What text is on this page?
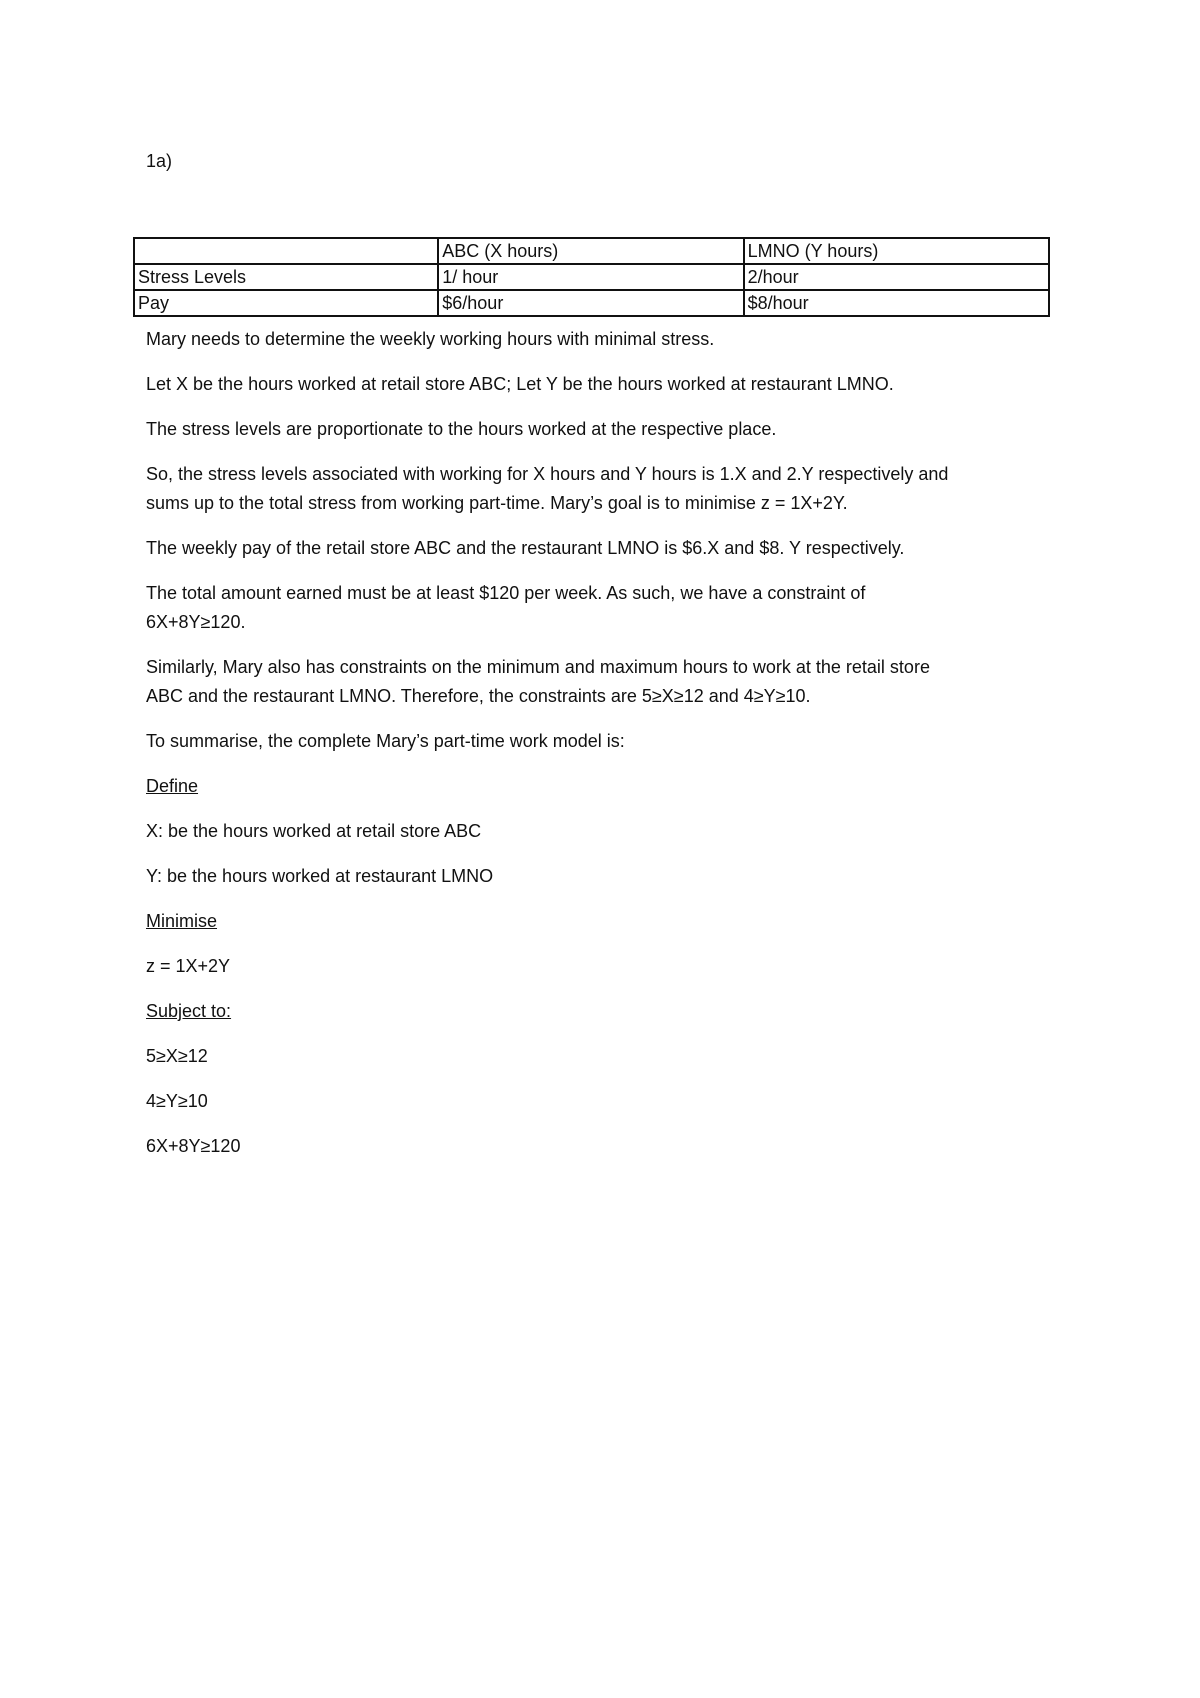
1a)
	ABC (X hours)	LMNO (Y hours)
Stress Levels	1/ hour	2/hour
Pay	$6/hour	$8/hour

Mary needs to determine the weekly working hours with minimal stress.

Let X be the hours worked at retail store ABC; Let Y be the hours worked at restaurant LMNO.

The stress levels are proportionate to the hours worked at the respective place.

So, the stress levels associated with working for X hours and Y hours is 1.X and 2.Y respectively and
sums up to the total stress from working part-time. Mary’s goal is to minimise z = 1X+2Y.

The weekly pay of the retail store ABC and the restaurant LMNO is $6.X and $8. Y respectively.

The total amount earned must be at least $120 per week. As such, we have a constraint of
6X+8Y≥120.

Similarly, Mary also has constraints on the minimum and maximum hours to work at the retail store
ABC and the restaurant LMNO. Therefore, the constraints are 5≥X≥12 and 4≥Y≥10.

To summarise, the complete Mary’s part-time work model is:

Define

X: be the hours worked at retail store ABC

Y: be the hours worked at restaurant LMNO

Minimise

z = 1X+2Y

Subject to:

5≥X≥12

4≥Y≥10

6X+8Y≥120
